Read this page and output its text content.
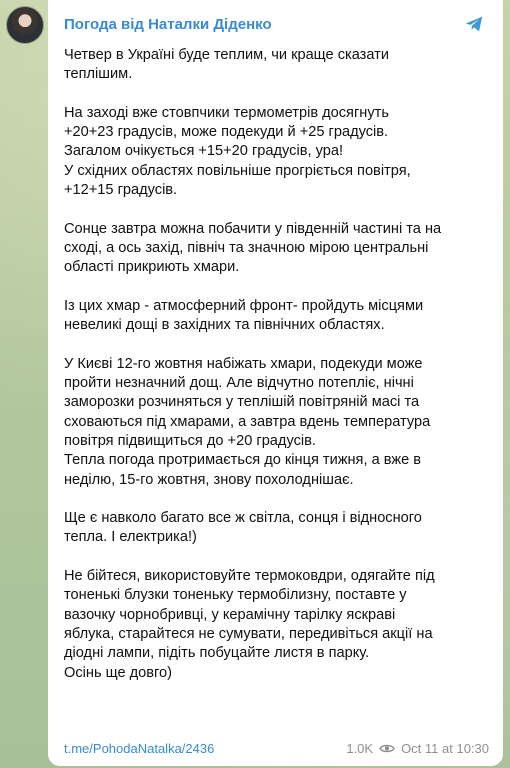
Погода від Наталки Діденко
Четвер в Україні буде теплим, чи краще сказати
теплішим.

На заході вже стовпчики термометрів досягнуть
+20+23 градусів, може подекуди й +25 градусів.
Загалом очікується +15+20 градусів, ура!
У східних областях повільніше прогріється повітря,
+12+15 градусів.

Сонце завтра можна побачити у південній частині та на
сході, а ось захід, північ та значною мірою центральні
області прикриють хмари.

Із цих хмар - атмосферний фронт- пройдуть місцями
невеликі дощі в західних та північних областях.

У Києві 12-го жовтня набіжать хмари, подекуди може
пройти незначний дощ. Але відчутно потепліє, нічні
заморозки розчиняться у теплішій повітряній масі та
сховаються під хмарами, а завтра вдень температура
повітря підвищиться до +20 градусів.
Тепла погода протримається до кінця тижня, а вже в
неділю, 15-го жовтня, знову похолоднішає.

Ще є навколо багато все ж світла, сонця і відносного
тепла. І електрика!)

Не бійтеся, використовуйте термоковдри, одягайте під
тоненькі блузки тоненьку термобілизну, поставте у
вазочку чорнобривці, у керамічну тарілку яскраві
яблука, старайтеся не сумувати, передивіться акції на
діодні лампи, підіть побуцайте листя в парку.
Осінь ще довго)
t.me/PohodaNatalka/2436	1.0K Oct 11 at 10:30
